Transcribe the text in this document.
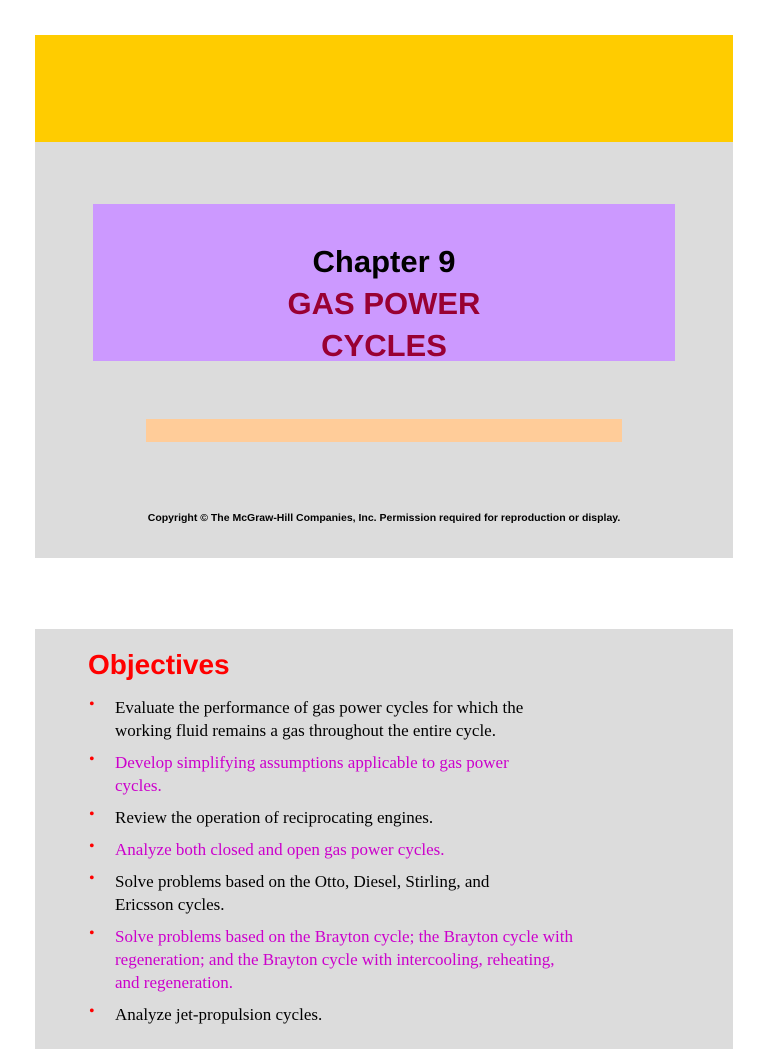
Chapter 9
GAS POWER
CYCLES
Copyright © The McGraw-Hill Companies, Inc. Permission required for reproduction or display.
Objectives
• Evaluate the performance of gas power cycles for which the
working fluid remains a gas throughout the entire cycle.
• Develop simplifying assumptions applicable to gas power
cycles.
• Review the operation of reciprocating engines.
• Analyze both closed and open gas power cycles.
• Solve problems based on the Otto, Diesel, Stirling, and
Ericsson cycles.
• Solve problems based on the Brayton cycle; the Brayton cycle with
regeneration; and the Brayton cycle with intercooling, reheating,
and regeneration.
• Analyze jet-propulsion cycles.
